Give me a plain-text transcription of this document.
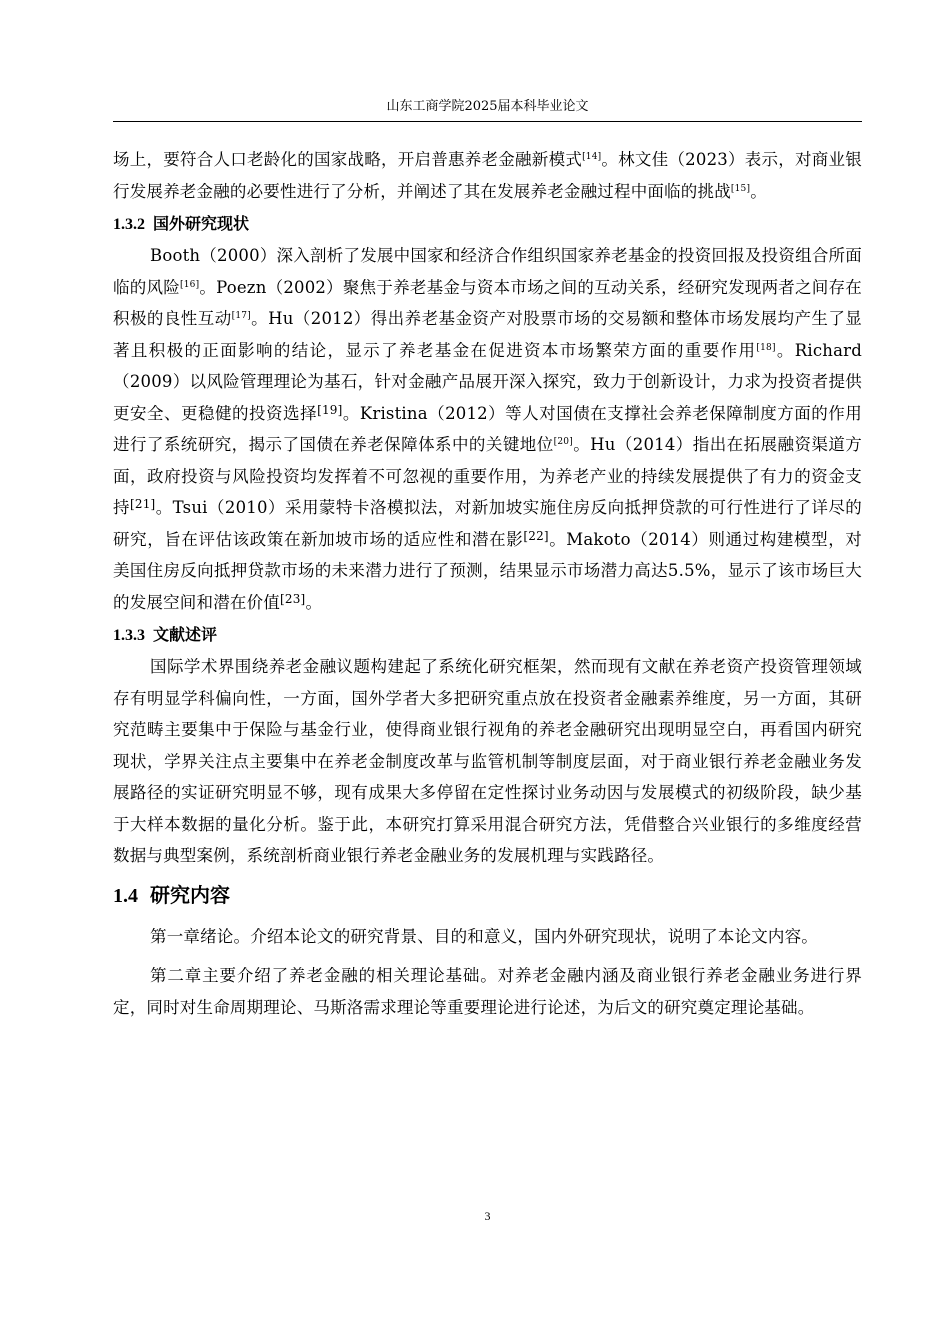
山东工商学院2025届本科毕业论文

场上，要符合人口老龄化的国家战略，开启普惠养老金融新模式[14]。林文佳（2023）表示，对商业银行发展养老金融的必要性进行了分析，并阐述了其在发展养老金融过程中面临的挑战[15]。

1.3.2 国外研究现状

Booth（2000）深入剖析了发展中国家和经济合作组织国家养老基金的投资回报及投资组合所面临的风险[16]。Poezn（2002）聚焦于养老基金与资本市场之间的互动关系，经研究发现两者之间存在积极的良性互动[17]。Hu（2012）得出养老基金资产对股票市场的交易额和整体市场发展均产生了显著且积极的正面影响的结论，显示了养老基金在促进资本市场繁荣方面的重要作用[18]。Richard（2009）以风险管理理论为基石，针对金融产品展开深入探究，致力于创新设计，力求为投资者提供更安全、更稳健的投资选择[19]。Kristina（2012）等人对国债在支撑社会养老保障制度方面的作用进行了系统研究，揭示了国债在养老保障体系中的关键地位[20]。Hu（2014）指出在拓展融资渠道方面，政府投资与风险投资均发挥着不可忽视的重要作用，为养老产业的持续发展提供了有力的资金支持[21]。Tsui（2010）采用蒙特卡洛模拟法，对新加坡实施住房反向抵押贷款的可行性进行了详尽的研究，旨在评估该政策在新加坡市场的适应性和潜在影[22]。Makoto（2014）则通过构建模型，对美国住房反向抵押贷款市场的未来潜力进行了预测，结果显示市场潜力高达5.5%，显示了该市场巨大的发展空间和潜在价值[23]。

1.3.3 文献述评

国际学术界围绕养老金融议题构建起了系统化研究框架，然而现有文献在养老资产投资管理领域存有明显学科偏向性，一方面，国外学者大多把研究重点放在投资者金融素养维度，另一方面，其研究范畴主要集中于保险与基金行业，使得商业银行视角的养老金融研究出现明显空白，再看国内研究现状，学界关注点主要集中在养老金制度改革与监管机制等制度层面，对于商业银行养老金融业务发展路径的实证研究明显不够，现有成果大多停留在定性探讨业务动因与发展模式的初级阶段，缺少基于大样本数据的量化分析。鉴于此，本研究打算采用混合研究方法，凭借整合兴业银行的多维度经营数据与典型案例，系统剖析商业银行养老金融业务的发展机理与实践路径。

1.4 研究内容

第一章绪论。介绍本论文的研究背景、目的和意义，国内外研究现状，说明了本论文内容。

第二章主要介绍了养老金融的相关理论基础。对养老金融内涵及商业银行养老金融业务进行界定，同时对生命周期理论、马斯洛需求理论等重要理论进行论述，为后文的研究奠定理论基础。

3
